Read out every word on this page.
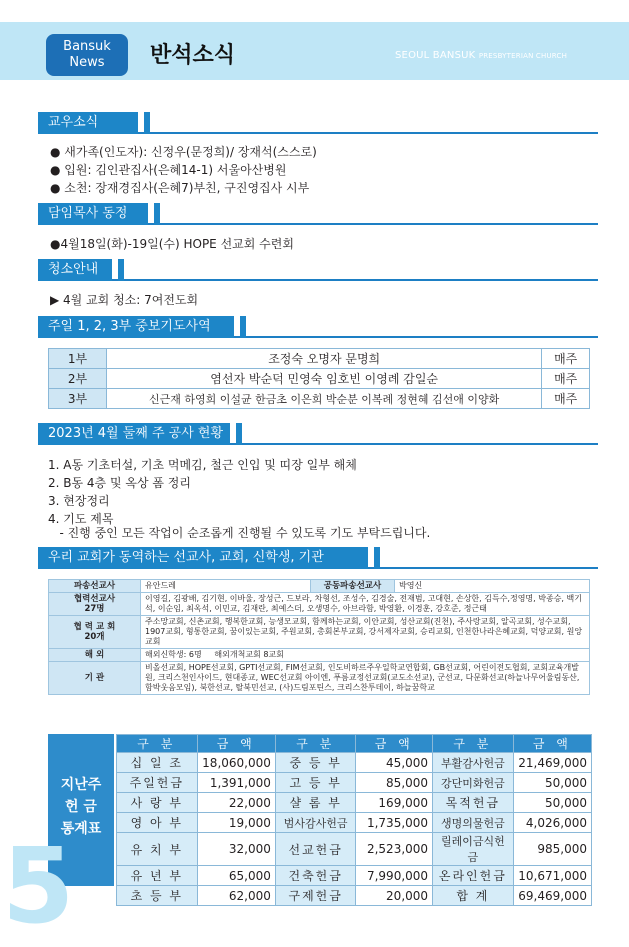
Bansuk
News	반석소식	SEOUL BANSUK PRESBYTERIAN CHURCH
교우소식
● 새가족(인도자): 신정우(문정희)/ 장재석(스스로)
● 입원: 김인관집사(은혜14-1) 서울아산병원
● 소천: 장재경집사(은혜7)부친, 구진영집사 시부
담임목사 동정
●4월18일(화)-19일(수) HOPE 선교회 수련회
청소안내
▶ 4월 교회 청소: 7여전도회
주일 1, 2, 3부 중보기도사역
1부	조정숙 오명자 문명희	매주
2부	염선자 박순덕 민영숙 임호빈 이영례 감일순	매주
3부	신근재 하영희 이설균 한금초 이은희 박순분 이복례 정현혜 김선애 이양화	매주
2023년 4월 둘째 주 공사 현황
1. A동 기초터설, 기초 먹메김, 철근 인입 및 띠장 일부 해체
2. B동 4층 및 옥상 폼 정리
3. 현장정리
4. 기도 제목
- 진행 중인 모든 작업이 순조롭게 진행될 수 있도록 기도 부탁드립니다.
우리 교회가 동역하는 선교사, 교회, 신학생, 기관
파송선교사	유안드레	공동파송선교사	박영신

협력선교사
27명	이영길, 김광배, 김기현, 이바울, 장성근, 드보라, 차형선, 조성수, 김경술, 전재범, 고대현, 손상한, 김득수,정영명, 박종승, 백기석, 이순임, 최옥석, 이민교, 김재란, 최예스더, 오생명수, 아브라함, 박영환, 이경훈, 강호준, 정근태		

협 력 교 회
20개	주소망교회, 신촌교회, 행복한교회, 능생모교회, 함께하는교회, 이안교회, 성산교회(진천), 주사랑교회, 알곡교회, 성수교회, 1907교회, 형통한교회, 꿈이있는교회, 주원교회, 총회본부교회, 강서제자교회, 승리교회, 인천한나라은혜교회, 덕양교회, 원앙교회		
해 외	해외신학생: 6명     해외개척교회 8교회		
기 관	비올선교회, HOPE선교회, GPTI선교회, FIM선교회, 인도비하르주우일학교연합회, GB선교회, 어린이전도협회, 교회교육개발원, 크리스천인사이드, 현대종교, WEC선교회 아이엔, 푸름교정선교회(교도소선교), 군선교, 다문화선교(하늘나무어울림동산, 함박웃음모임), 북한선교, 탈북민선교, (사)드림포틴스, 크리스찬투데이, 하늘꿈학교		
지난주
헌 금
통계표
구 분	금 액	구 분	금 액	구 분	금 액
십 일 조	18,060,000	중 등 부	45,000	부활감사헌금	21,469,000
주일헌금	1,391,000	고 등 부	85,000	강단미화헌금	50,000
사 랑 부	22,000	샬 롬 부	169,000	목적헌금	50,000
영 아 부	19,000	범사감사헌금	1,735,000	생명의물헌금	4,026,000
유 치 부	32,000	선교헌금	2,523,000	릴레이금식헌금	985,000
유 년 부	65,000	건축헌금	7,990,000	온라인헌금	10,671,000
초 등 부	62,000	구제헌금	20,000	합 계	69,469,000
5
